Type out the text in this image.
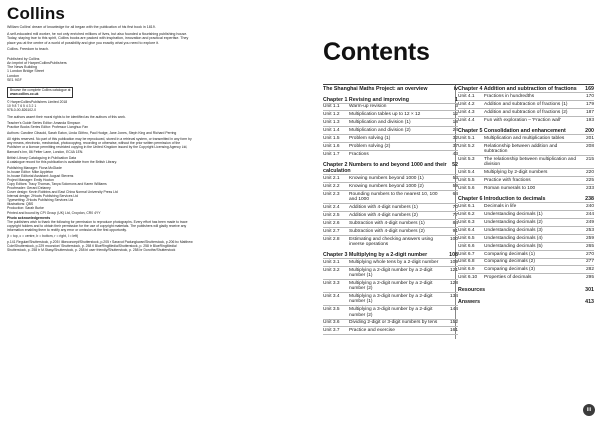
Collins
William Collins' dream of knowledge for all began with the publication of his first book in 1819.
A self-educated mill worker, he not only enriched millions of lives, but also founded a flourishing publishing house. Today, staying true to this spirit, Collins books are packed with inspiration, innovation and practical expertise. They place you at the centre of a world of possibility and give you exactly what you need to explore it.
Collins. Freedom to teach.
Published by Collins
An imprint of HarperCollinsPublishers
The News Building
1 London Bridge Street
London
SE1 9GF
Browse the complete Collins catalogue at
www.collins.co.uk
© HarperCollinsPublishers Limited 2018
10 9 8 7 6 5 4 3 2 1
978-0-00-826102-0
The authors assert their moral rights to be identified as the authors of this work.
Teacher's Guide Series Editor: Amanda Simpson
Practice Books Series Editor: Professor Lianghuo Fan
Authors: Caroline Clissold, Sarah Eaton, Linda Glithro, Paul Hodge, Jane Jones, Steph King and Richard Perring
All rights reserved. No part of this publication may be reproduced, stored in a retrieval system, or transmitted in any form by any means, electronic, mechanical, photocopying, recording or otherwise, without the prior written permission of the Publisher or a licence permitting restricted copying in the United Kingdom issued by the Copyright Licensing Agency Ltd, Barnard's Inn, 86 Fetter Lane, London, EC4A 1EN.
British Library Cataloguing in Publication Data
A catalogue record for this publication is available from the British Library.
Publishing Manager: Fiona McGlade
In-house Editor: Mike Appleton
In-house Editorial Assistant: August Stevens
Project Manager: Emily Hooton
Copy Editors: Tracy Thomas, Tanya Solomons and Karen Williams
Proofreader: Gerard Delaney
Cover design: Kevin Robbins and East China Normal University Press Ltd
Internal design: 2Hoots Publishing Services Ltd
Typesetting: 2Hoots Publishing Services Ltd
Illustrations: QBS
Production: Sarah Burke
Printed and bound by CPI Group (UK) Ltd, Croydon, CR0 4YY
Photo acknowledgements
The publishers wish to thank the following for permission to reproduce photographs. Every effort has been made to trace copyright holders and to obtain their permission for the use of copyright materials. The publishers will gladly receive any information enabling them to rectify any error or omission at the first opportunity.
(t = top, c = centre, b = bottom, r = right, l = left)
p.141 Regular/Shutterstock, p.205 l ilikeconcept/Shutterstock, p.205 r Saravut Padungkwan/Shutterstock, p.206 bc Matthew Cole/Shutterstock, p.229 moondon/ Shutterstock, p. 258 tl BlueRingMedia/Shutterstock, p. 258 tr BlueRingMedia/ Shutterstock, p. 258 tr M.Stasy/Shutterstock, p. 258 bl user friendly/Shutterstock, p. 258 br Dorothe/Shutterstock
Contents
The Shanghai Maths Project: an overview	iv
Chapter 1 Revising and improving	1
Unit 1.1	Warm-up revision	3
Unit 1.2	Multiplication tables up to 12 × 12	12
Unit 1.3	Multiplication and division (1)	18
Unit 1.4	Multiplication and division (2)	24
Unit 1.5	Problem solving (1)	32
Unit 1.6	Problem solving (2)	37
Unit 1.7	Fractions	43
Chapter 2 Numbers to and beyond 1000 and their calculation
52
Unit 2.1	Knowing numbers beyond 1000 (1)	53
Unit 2.2	Knowing numbers beyond 1000 (2)	59
Unit 2.3	Rounding numbers to the nearest 10, 100 and 1000
64
Unit 2.4	Addition with 4-digit numbers (1)	70
Unit 2.5	Addition with 4-digit numbers (2)	77
Unit 2.6	Subtraction with 4-digit numbers (1)	84
Unit 2.7	Subtraction with 4-digit numbers (2)	91
Unit 2.8	Estimating and checking answers using inverse operations
100
Chapter 3 Multiplying by a 2-digit number	108
Unit 3.1	Multiplying whole tens by a 2-digit number	109
Unit 3.2	Multiplying a 2-digit number by a 2-digit number (1)
121
Unit 3.3	Multiplying a 2-digit number by a 2-digit number (2)
128
Unit 3.4	Multiplying a 3-digit number by a 2-digit number (1)
134
Unit 3.5	Multiplying a 3-digit number by a 2-digit number (2)
144
Unit 3.6	Dividing 2-digit or 3-digit numbers by tens	152
Unit 3.7	Practice and exercise	161
Chapter 4 Addition and subtraction of fractions	169
Unit 4.1	Fractions in hundredths	170
Unit 4.2	Addition and subtraction of fractions (1)	179
Unit 4.3	Addition and subtraction of fractions (2)	187
Unit 4.4	Fun with exploration – 'Fraction wall'	193
Chapter 5 Consolidation and enhancement	200
Unit 5.1	Multiplication and multiplication tables	201
Unit 5.2	Relationship between addition and subtraction
208
Unit 5.3	The relationship between multiplication and division
215
Unit 5.4	Multiplying by 2-digit numbers	220
Unit 5.5	Practice with fractions	225
Unit 5.6	Roman numerals to 100	233
Chapter 6 Introduction to decimals	238
Unit 6.1	Decimals in life	240
Unit 6.2	Understanding decimals (1)	244
Unit 6.3	Understanding decimals (2)	249
Unit 6.4	Understanding decimals (3)	253
Unit 6.5	Understanding decimals (4)	259
Unit 6.6	Understanding decimals (5)	265
Unit 6.7	Comparing decimals (1)	270
Unit 6.8	Comparing decimals (2)	277
Unit 6.9	Comparing decimals (3)	282
Unit 6.10	Properties of decimals	295
Resources	301
Answers	413
iii
